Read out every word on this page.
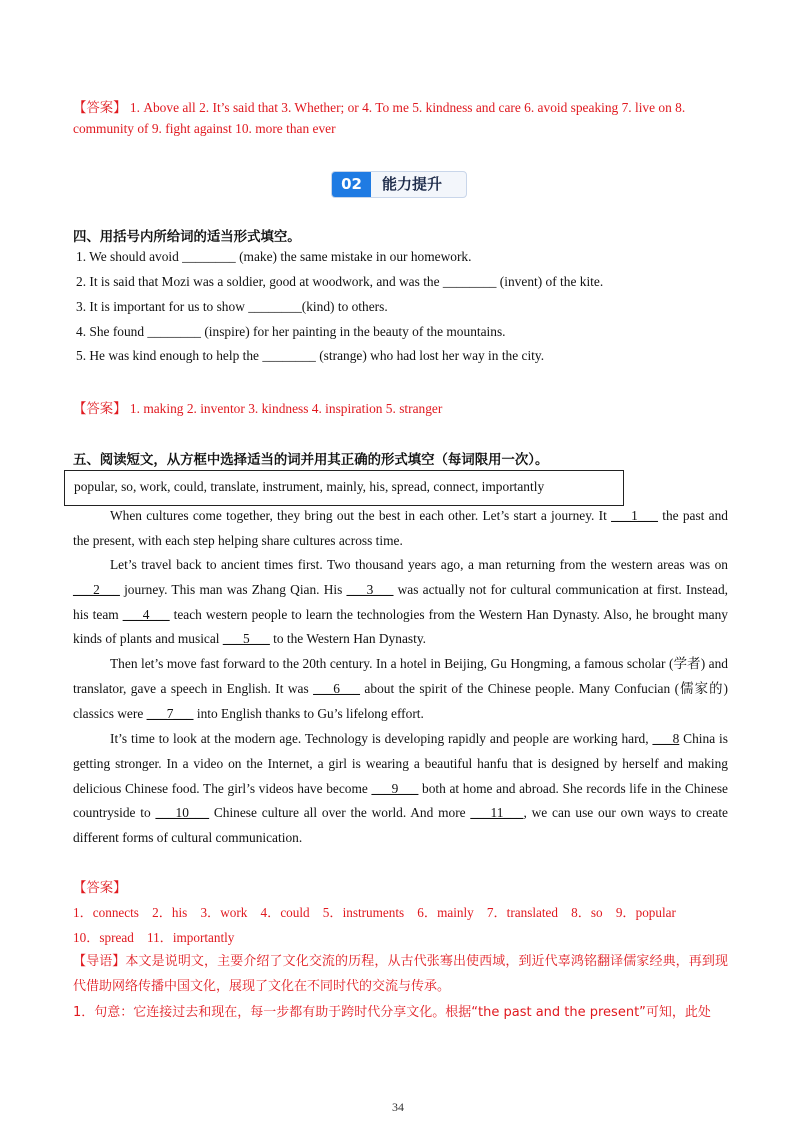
【答案】 1. Above all 2. It’s said that 3. Whether; or 4. To me 5. kindness and care 6. avoid speaking 7. live on 8.
community of 9. fight against 10. more than ever
02	能力提升
四、用括号内所给词的适当形式填空。
1. We should avoid ________ (make) the same mistake in our homework.
2. It is said that Mozi was a soldier, good at woodwork, and was the ________ (invent) of the kite.
3. It is important for us to show ________(kind) to others.
4. She found ________ (inspire) for her painting in the beauty of the mountains.
5. He was kind enough to help the ________ (strange) who had lost her way in the city.
【答案】 1. making 2. inventor 3. kindness 4. inspiration 5. stranger
五、阅读短文，从方框中选择适当的词并用其正确的形式填空（每词限用一次）。
popular, so, work, could, translate, instrument, mainly, his, spread, connect, importantly
When cultures come together, they bring out the best in each other. Let’s start a journey. It ___1___ the past and the present, with each step helping share cultures across time.
Let’s travel back to ancient times first. Two thousand years ago, a man returning from the western areas was on ___2___ journey. This man was Zhang Qian. His ___3___ was actually not for cultural communication at first. Instead, his team ___4___ teach western people to learn the technologies from the Western Han Dynasty. Also, he brought many kinds of plants and musical ___5___ to the Western Han Dynasty.
Then let’s move fast forward to the 20th century. In a hotel in Beijing, Gu Hongming, a famous scholar (学者) and translator, gave a speech in English. It was ___6___ about the spirit of the Chinese people. Many Confucian (儒家的) classics were ___7___ into English thanks to Gu’s lifelong effort.
It’s time to look at the modern age. Technology is developing rapidly and people are working hard, ___8 China is getting stronger. In a video on the Internet, a girl is wearing a beautiful hanfu that is designed by herself and making delicious Chinese food. The girl’s videos have become ___9___ both at home and abroad. She records life in the Chinese countryside to ___10___ Chinese culture all over the world. And more ___11___, we can use our own ways to create different forms of cultural communication.
【答案】
1．connects　2．his　3．work　4．could　5．instruments　6．mainly　7．translated　8．so　9．popular
10．spread　11．importantly
【导语】本文是说明文，主要介绍了文化交流的历程，从古代张骞出使西域，到近代辜鸿铭翻译儒家经典，再到现代借助网络传播中国文化，展现了文化在不同时代的交流与传承。
1．句意：它连接过去和现在，每一步都有助于跨时代分享文化。根据“the past and the present”可知，此处
34
